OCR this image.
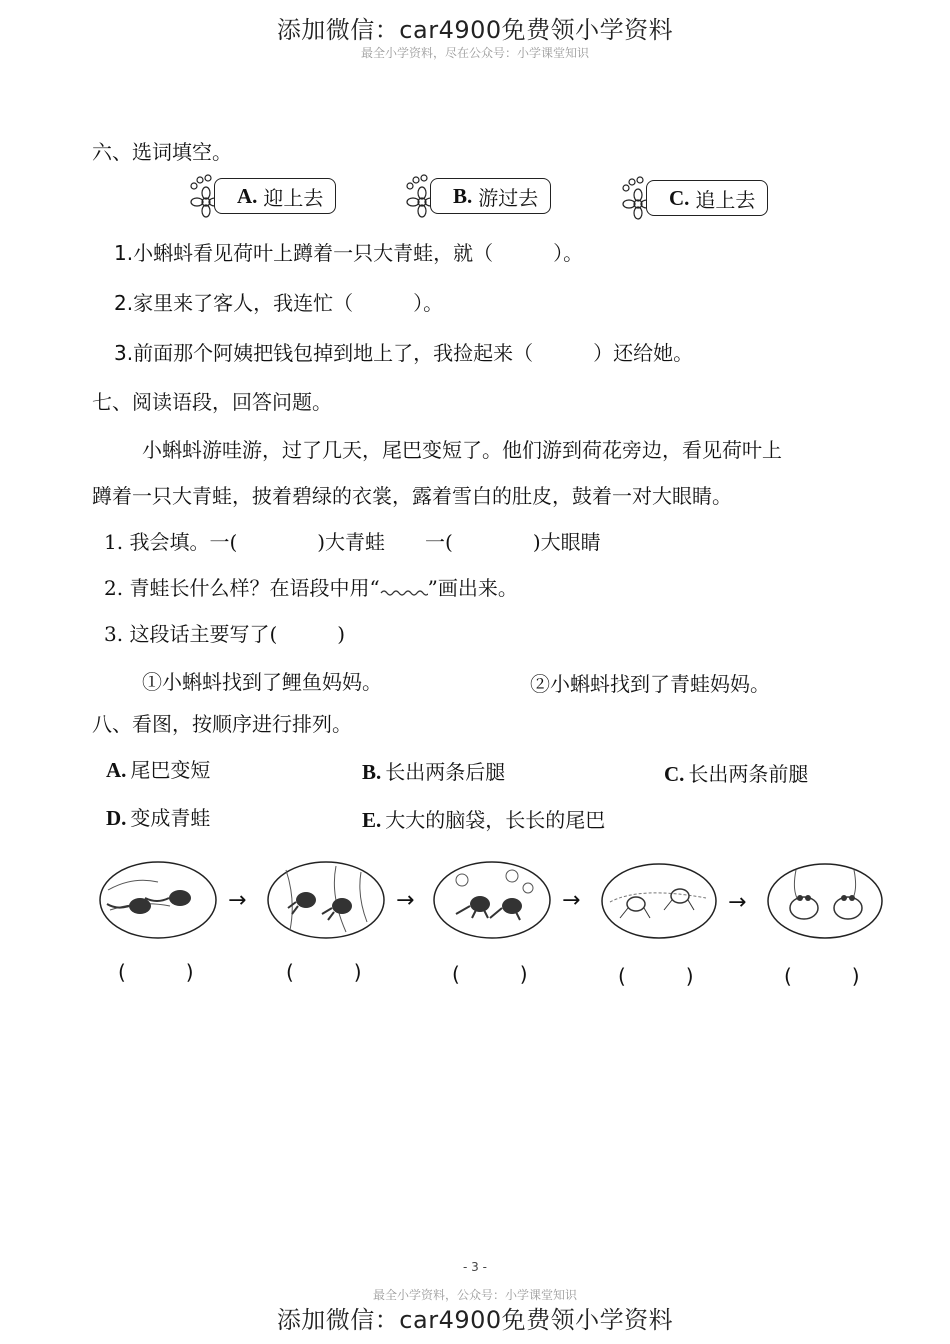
添加微信：car4900免费领小学资料
最全小学资料，尽在公众号：小学课堂知识
六、选词填空。
A. 迎上去	B. 游过去	C. 追上去
1.小蝌蚪看见荷叶上蹲着一只大青蛙，就（　　　）。
2.家里来了客人，我连忙（　　　）。
3.前面那个阿姨把钱包掉到地上了，我捡起来（　　　）还给她。
七、阅读语段，回答问题。
小蝌蚪游哇游，过了几天，尾巴变短了。他们游到荷花旁边，看见荷叶上
蹲着一只大青蛙，披着碧绿的衣裳，露着雪白的肚皮，鼓着一对大眼睛。
1. 我会填。一(　　　　)大青蛙　　一(　　　　)大眼睛
2. 青蛙长什么样？在语段中用“ ”画出来。
3. 这段话主要写了(　　　)
①小蝌蚪找到了鲤鱼妈妈。	②小蝌蚪找到了青蛙妈妈。
八、看图，按顺序进行排列。
A. 尾巴变短	B. 长出两条后腿	C. 长出两条前腿
D. 变成青蛙	E. 大大的脑袋，长长的尾巴
→	→	→	→
(　　　)	(　　　)	(　　　)	(　　　)	(　　　)
- 3 -
最全小学资料，公众号：小学课堂知识
添加微信：car4900免费领小学资料
